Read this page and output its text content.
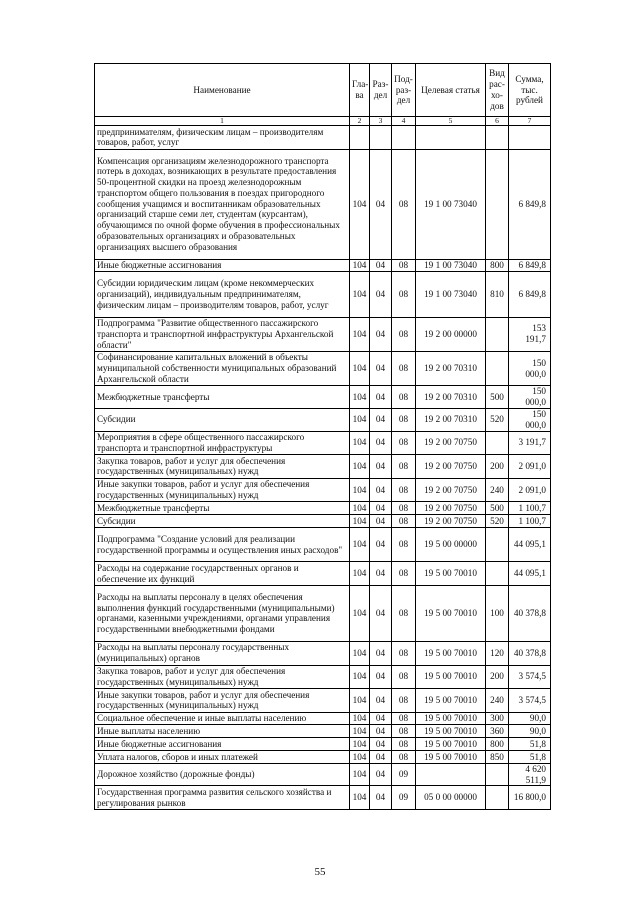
Наименование	Гла- ва	Раз- дел	Под- раз- дел	Целевая статья	Вид рас- хо- дов	Сумма, тыс. рублей
1	2	3	4	5	6	7
предпринимателям, физическим лицам – производителям товаров, работ, услуг						
Компенсация организациям железнодорожного транспорта потерь в доходах, возникающих в результате предоставления 50-процентной скидки на проезд железнодорожным транспортом общего пользования в поездах пригородного сообщения учащимся и воспитанникам образовательных организаций старше семи лет, студентам (курсантам), обучающимся по очной форме обучения в профессиональных образовательных организациях и образовательных организациях высшего образования	104	04	08	19 1 00 73040		6 849,8
Иные бюджетные ассигнования	104	04	08	19 1 00 73040	800	6 849,8
Субсидии юридическим лицам (кроме некоммерческих организаций), индивидуальным предпринимателям, физическим лицам – производителям товаров, работ, услуг	104	04	08	19 1 00 73040	810	6 849,8
Подпрограмма "Развитие общественного пассажирского транспорта и транспортной инфраструктуры Архангельской области"	104	04	08	19 2 00 00000		153 191,7
Софинансирование капитальных вложений в объекты муниципальной собственности муниципальных образований Архангельской области	104	04	08	19 2 00 70310		150 000,0
Межбюджетные трансферты	104	04	08	19 2 00 70310	500	150 000,0
Субсидии	104	04	08	19 2 00 70310	520	150 000,0
Мероприятия в сфере общественного пассажирского транспорта и транспортной инфраструктуры	104	04	08	19 2 00 70750		3 191,7
Закупка товаров, работ и услуг для обеспечения государственных (муниципальных) нужд	104	04	08	19 2 00 70750	200	2 091,0
Иные закупки товаров, работ и услуг для обеспечения государственных (муниципальных) нужд	104	04	08	19 2 00 70750	240	2 091,0
Межбюджетные трансферты	104	04	08	19 2 00 70750	500	1 100,7
Субсидии	104	04	08	19 2 00 70750	520	1 100,7
Подпрограмма "Создание условий для реализации государственной программы и осуществления иных расходов"	104	04	08	19 5 00 00000		44 095,1
Расходы на содержание государственных органов и обеспечение их функций	104	04	08	19 5 00 70010		44 095,1
Расходы на выплаты персоналу в целях обеспечения выполнения функций государственными (муниципальными) органами, казенными учреждениями, органами управления государственными внебюджетными фондами	104	04	08	19 5 00 70010	100	40 378,8
Расходы на выплаты персоналу государственных (муниципальных) органов	104	04	08	19 5 00 70010	120	40 378,8
Закупка товаров, работ и услуг для обеспечения государственных (муниципальных) нужд	104	04	08	19 5 00 70010	200	3 574,5
Иные закупки товаров, работ и услуг для обеспечения государственных (муниципальных) нужд	104	04	08	19 5 00 70010	240	3 574,5
Социальное обеспечение и иные выплаты населению	104	04	08	19 5 00 70010	300	90,0
Иные выплаты населению	104	04	08	19 5 00 70010	360	90,0
Иные бюджетные ассигнования	104	04	08	19 5 00 70010	800	51,8
Уплата налогов, сборов и иных платежей	104	04	08	19 5 00 70010	850	51,8
Дорожное хозяйство (дорожные фонды)	104	04	09			4 620 511,9
Государственная программа развития сельского хозяйства и регулирования рынков	104	04	09	05 0 00 00000		16 800,0
55
